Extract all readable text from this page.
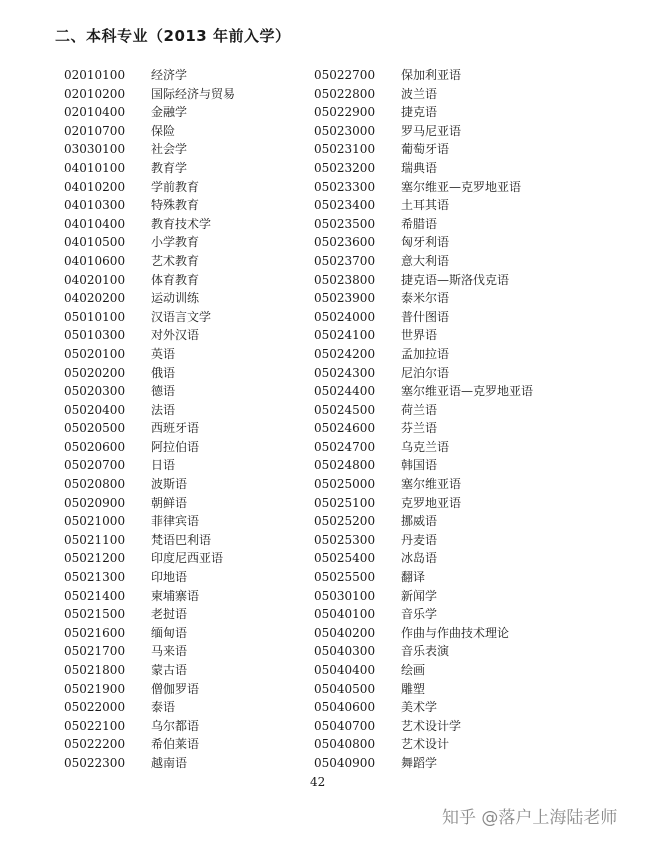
二、本科专业（2013 年前入学）
02010100 经济学
02010200 国际经济与贸易
02010400 金融学
02010700 保险
03030100 社会学
04010100 教育学
04010200 学前教育
04010300 特殊教育
04010400 教育技术学
04010500 小学教育
04010600 艺术教育
04020100 体育教育
04020200 运动训练
05010100 汉语言文学
05010300 对外汉语
05020100 英语
05020200 俄语
05020300 德语
05020400 法语
05020500 西班牙语
05020600 阿拉伯语
05020700 日语
05020800 波斯语
05020900 朝鲜语
05021000 菲律宾语
05021100 梵语巴利语
05021200 印度尼西亚语
05021300 印地语
05021400 柬埔寨语
05021500 老挝语
05021600 缅甸语
05021700 马来语
05021800 蒙古语
05021900 僧伽罗语
05022000 泰语
05022100 乌尔都语
05022200 希伯莱语
05022300 越南语
05022700 保加利亚语
05022800 波兰语
05022900 捷克语
05023000 罗马尼亚语
05023100 葡萄牙语
05023200 瑞典语
05023300 塞尔维亚—克罗地亚语
05023400 土耳其语
05023500 希腊语
05023600 匈牙利语
05023700 意大利语
05023800 捷克语—斯洛伐克语
05023900 泰米尔语
05024000 普什图语
05024100 世界语
05024200 孟加拉语
05024300 尼泊尔语
05024400 塞尔维亚语—克罗地亚语
05024500 荷兰语
05024600 芬兰语
05024700 乌克兰语
05024800 韩国语
05025000 塞尔维亚语
05025100 克罗地亚语
05025200 挪威语
05025300 丹麦语
05025400 冰岛语
05025500 翻译
05030100 新闻学
05040100 音乐学
05040200 作曲与作曲技术理论
05040300 音乐表演
05040400 绘画
05040500 雕塑
05040600 美术学
05040700 艺术设计学
05040800 艺术设计
05040900 舞蹈学
42
知乎 @落户上海陆老师
